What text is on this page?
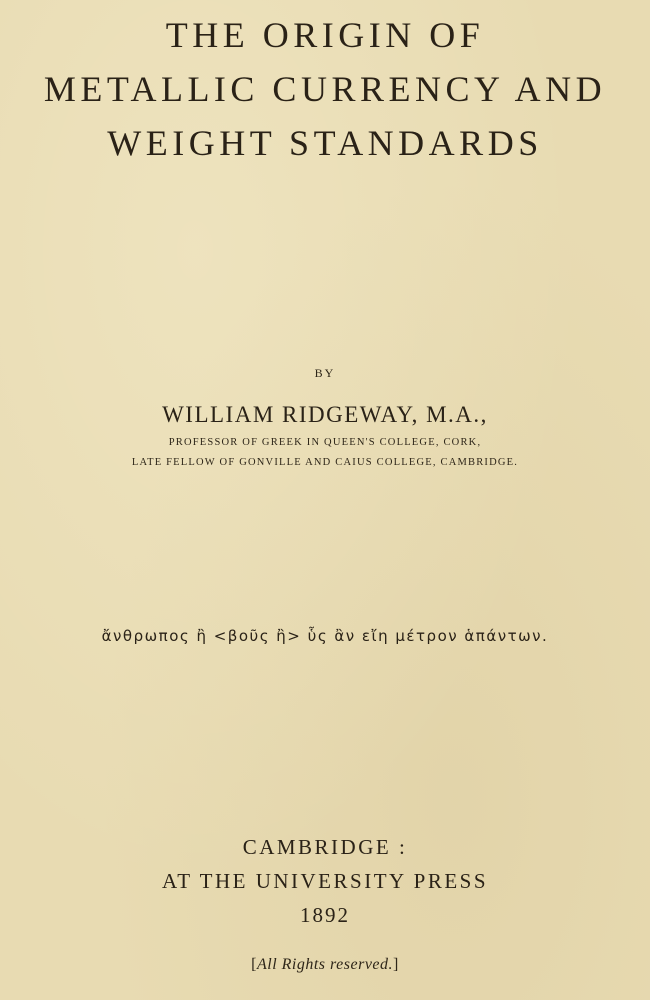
THE ORIGIN OF
METALLIC CURRENCY AND
WEIGHT STANDARDS
BY
WILLIAM RIDGEWAY, M.A.,
PROFESSOR OF GREEK IN QUEEN'S COLLEGE, CORK,
LATE FELLOW OF GONVILLE AND CAIUS COLLEGE, CAMBRIDGE.
ἄνθρωπος ἢ <βοῦς ἢ> ὗς ἂν εἴη μέτρον ἁπάντων.
CAMBRIDGE :
AT THE UNIVERSITY PRESS
1892
[All Rights reserved.]
